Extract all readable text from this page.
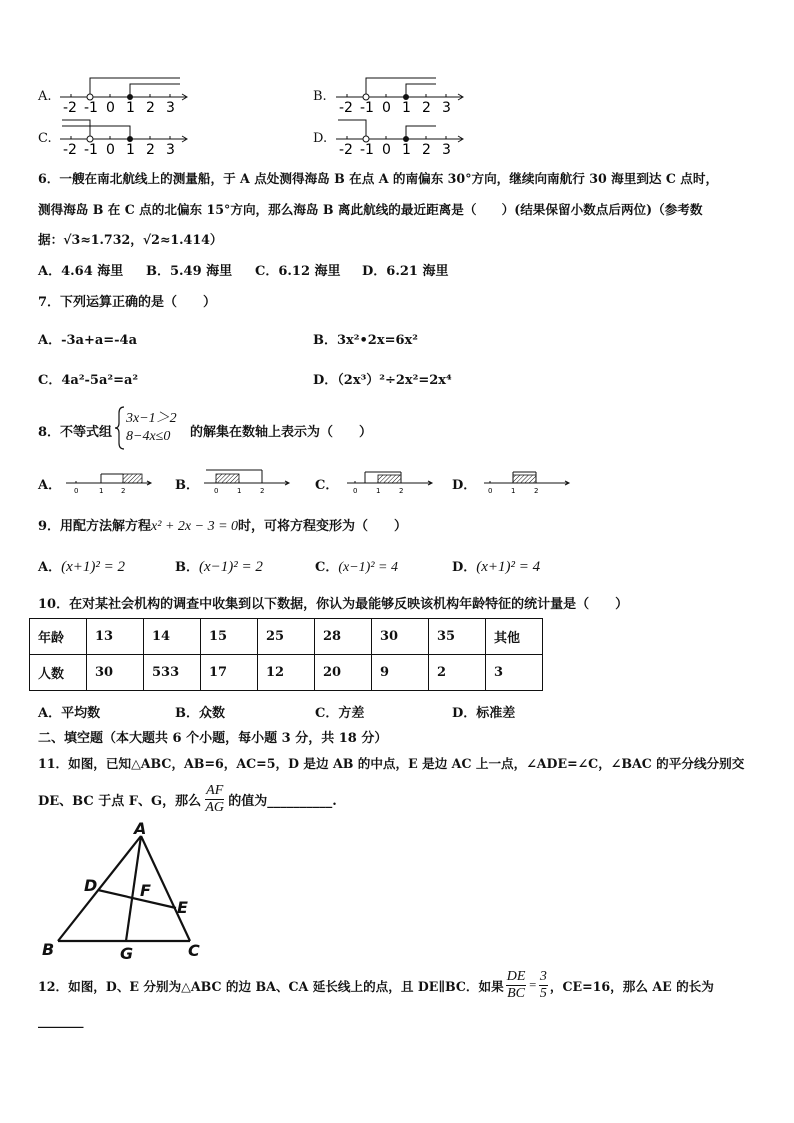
A.	B.
C.	D.
-2 -1 0 1 2 3	-2 -1 0 1 2 3
-2 -1 0 1 2 3	-2 -1 0 1 2 3
6．一艘在南北航线上的测量船，于 A 点处测得海岛 B 在点 A 的南偏东 30°方向，继续向南航行 30 海里到达 C 点时，
测得海岛 B 在 C 点的北偏东 15°方向，那么海岛 B 离此航线的最近距离是（　　）(结果保留小数点后两位)（参考数
据：√3≈1.732，√2≈1.414）
A．4.64 海里 B．5.49 海里 C．6.12 海里 D．6.21 海里
7．下列运算正确的是（　　）
A．-3a+a=-4a	B．3x²•2x=6x²
C．4a²-5a²=a²	D．（2x³）²÷2x²=2x⁴
8．不等式组
3x−1＞2
8−4x≤0 的解集在数轴上表示为（　　）
A．	B．	C．	D．
0	1	2	0	1	2	0	1	2	0	1	2
9．用配方法解方程x² + 2x − 3 = 0时，可将方程变形为（　　）
A．(x+1)² = 2	B．(x−1)² = 2	C．(x−1)² = 4	D．(x+1)² = 4
10．在对某社会机构的调查中收集到以下数据，你认为最能够反映该机构年龄特征的统计量是（　　）
年龄	13	14	15	25	28	30	35	其他
人数	30	533	17	12	20	9	2	3
A．平均数	B．众数	C．方差	D．标准差
二、填空题（本大题共 6 个小题，每小题 3 分，共 18 分）
11．如图，已知△ABC，AB=6，AC=5，D 是边 AB 的中点，E 是边 AC 上一点，∠ADE=∠C，∠BAC 的平分线分别交
DE、BC 于点 F、G，那么 $\frac{AF}{AG}$ 的值为__________.
A
D	F
E
B	G	C
12．如图， D、E 分别为△ABC 的边 BA、CA 延长线上的点，且 DE∥BC．如果 $\frac{DE}{BC} = \frac{3}{5}$ ，CE=16，那么 AE 的长为
_______
